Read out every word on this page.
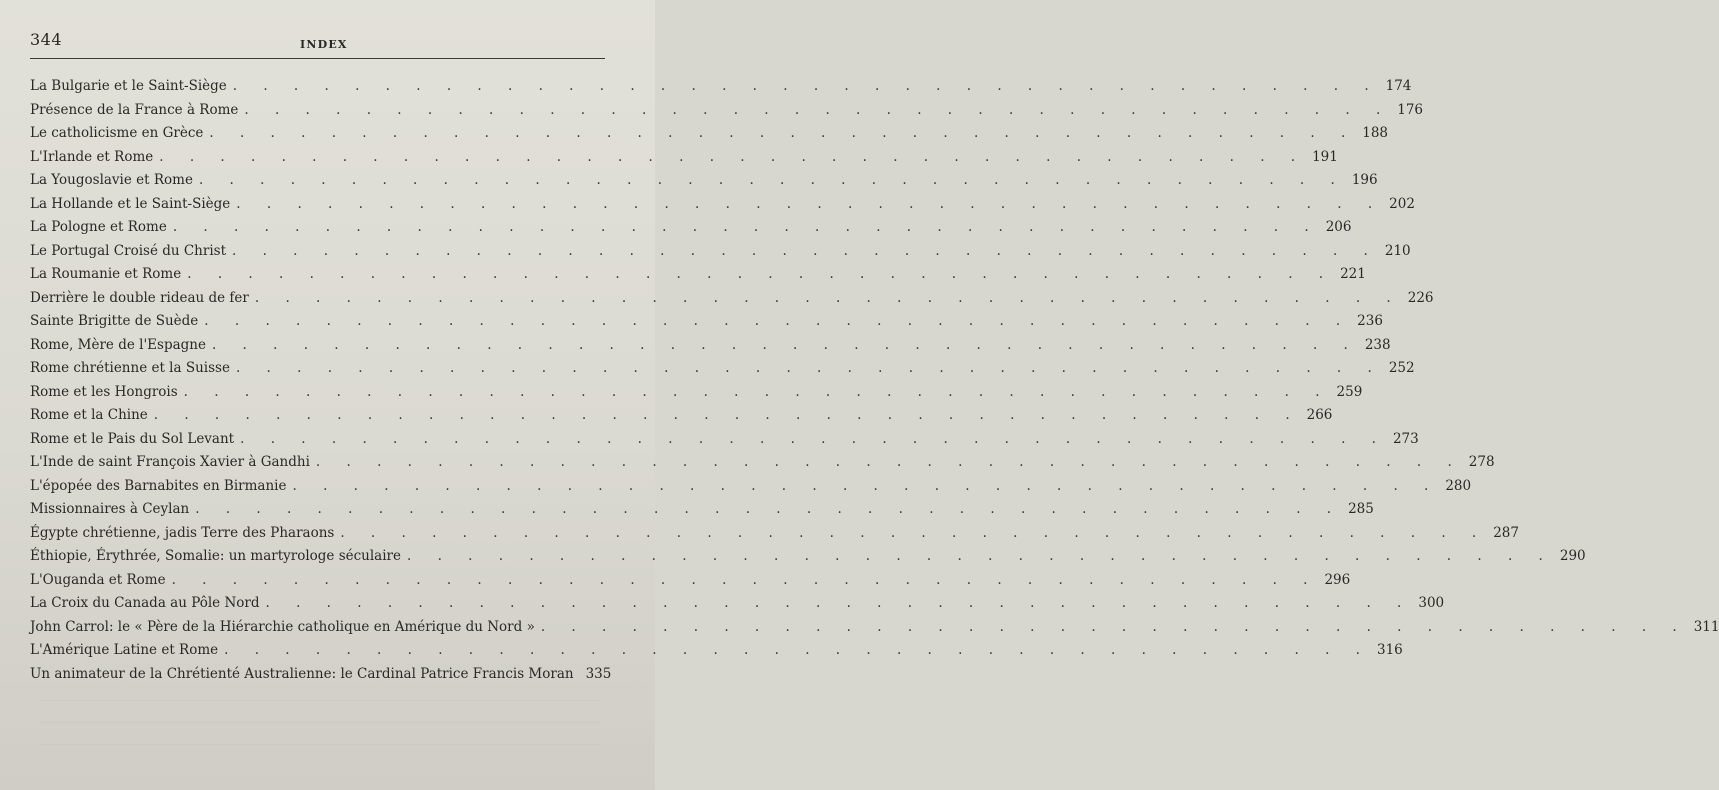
344	INDEX
La Bulgarie et le Saint-Siège . . . . . . . . . . . . . . . . . . . . . . . . . . . . . . . . . . . . . . 174
Présence de la France à Rome . . . . . . . . . . . . . . . . . . . . . . . . . . . . . . . . . . . . . . 176
Le catholicisme en Grèce . . . . . . . . . . . . . . . . . . . . . . . . . . . . . . . . . . . . . . 188
L'Irlande et Rome . . . . . . . . . . . . . . . . . . . . . . . . . . . . . . . . . . . . . . 191
La Yougoslavie et Rome . . . . . . . . . . . . . . . . . . . . . . . . . . . . . . . . . . . . . . 196
La Hollande et le Saint-Siège . . . . . . . . . . . . . . . . . . . . . . . . . . . . . . . . . . . . . . 202
La Pologne et Rome . . . . . . . . . . . . . . . . . . . . . . . . . . . . . . . . . . . . . . 206
Le Portugal Croisé du Christ . . . . . . . . . . . . . . . . . . . . . . . . . . . . . . . . . . . . . . 210
La Roumanie et Rome . . . . . . . . . . . . . . . . . . . . . . . . . . . . . . . . . . . . . . 221
Derrière le double rideau de fer . . . . . . . . . . . . . . . . . . . . . . . . . . . . . . . . . . . . . . 226
Sainte Brigitte de Suède . . . . . . . . . . . . . . . . . . . . . . . . . . . . . . . . . . . . . . 236
Rome, Mère de l'Espagne . . . . . . . . . . . . . . . . . . . . . . . . . . . . . . . . . . . . . . 238
Rome chrétienne et la Suisse . . . . . . . . . . . . . . . . . . . . . . . . . . . . . . . . . . . . . . 252
Rome et les Hongrois . . . . . . . . . . . . . . . . . . . . . . . . . . . . . . . . . . . . . . 259
Rome et la Chine . . . . . . . . . . . . . . . . . . . . . . . . . . . . . . . . . . . . . . 266
Rome et le Pais du Sol Levant . . . . . . . . . . . . . . . . . . . . . . . . . . . . . . . . . . . . . . 273
L'Inde de saint François Xavier à Gandhi . . . . . . . . . . . . . . . . . . . . . . . . . . . . . . . . . . . . . . 278
L'épopée des Barnabites en Birmanie . . . . . . . . . . . . . . . . . . . . . . . . . . . . . . . . . . . . . . 280
Missionnaires à Ceylan . . . . . . . . . . . . . . . . . . . . . . . . . . . . . . . . . . . . . . 285
Égypte chrétienne, jadis Terre des Pharaons . . . . . . . . . . . . . . . . . . . . . . . . . . . . . . . . . . . . . . 287
Éthiopie, Érythrée, Somalie: un martyrologe séculaire . . . . . . . . . . . . . . . . . . . . . . . . . . . . . . . . . . . . . . 290
L'Ouganda et Rome . . . . . . . . . . . . . . . . . . . . . . . . . . . . . . . . . . . . . . 296
La Croix du Canada au Pôle Nord . . . . . . . . . . . . . . . . . . . . . . . . . . . . . . . . . . . . . . 300
John Carrol: le « Père de la Hiérarchie catholique en Amérique du Nord » . . . . . . . . . . . . . . . . . . . . . . . . . . . . . . . . . . . . . . 311
L'Amérique Latine et Rome . . . . . . . . . . . . . . . . . . . . . . . . . . . . . . . . . . . . . . 316
Un animateur de la Chrétienté Australienne: le Cardinal Patrice Francis Moran 335
